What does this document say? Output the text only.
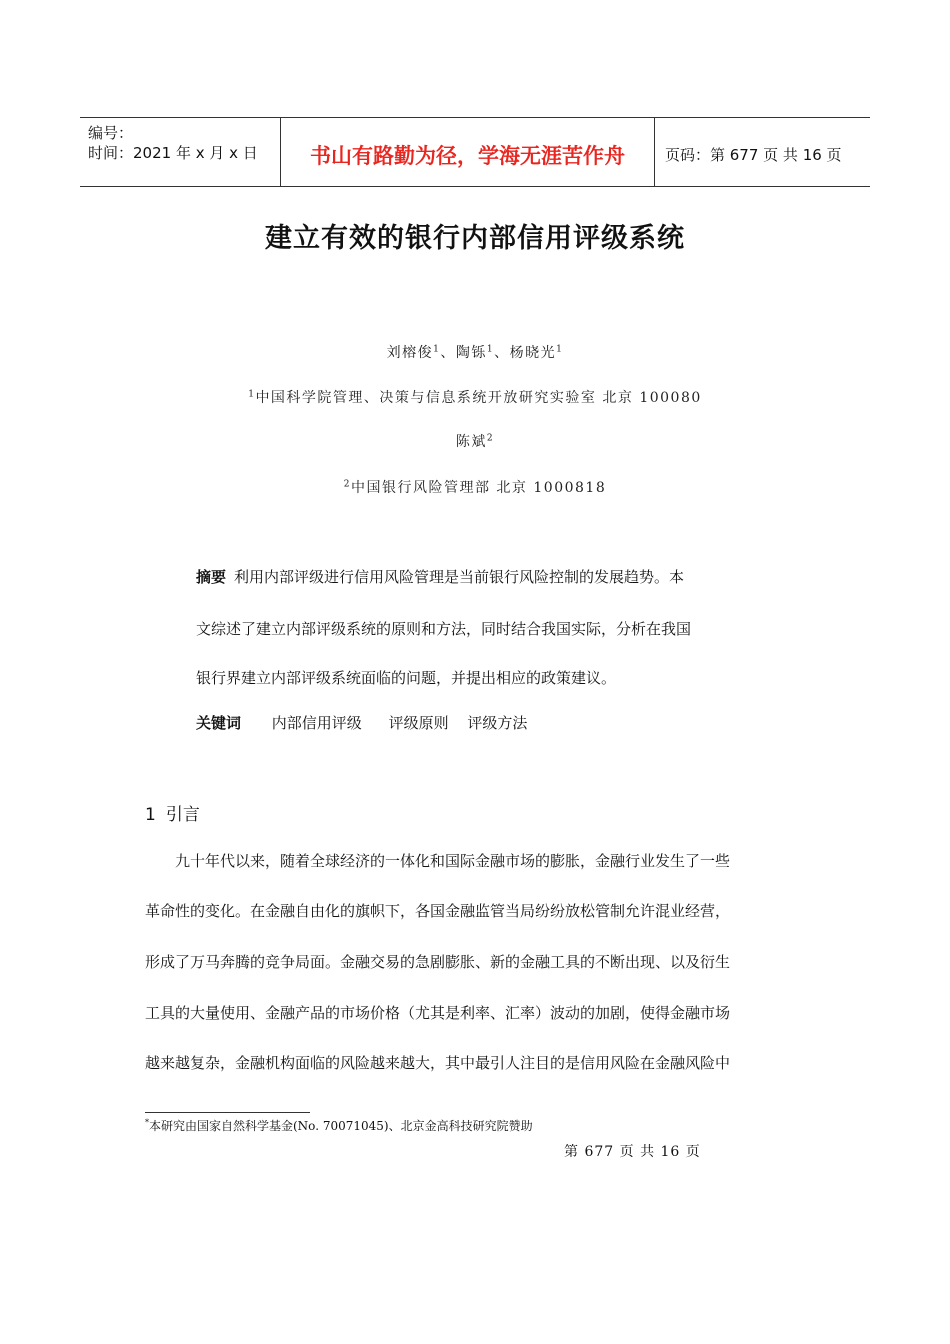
编号：
时间：2021 年 x 月 x 日	书山有路勤为径，学海无涯苦作舟	页码：第 677 页 共 16 页
建立有效的银行内部信用评级系统
刘榕俊$^1$、陶铄$^1$、杨晓光$^1$
$^1$中国科学院管理、决策与信息系统开放研究实验室 北京 100080
陈斌$^2$
$^2$中国银行风险管理部 北京 1000818
摘要 利用内部评级进行信用风险管理是当前银行风险控制的发展趋势。本
文综述了建立内部评级系统的原则和方法，同时结合我国实际，分析在我国
银行界建立内部评级系统面临的问题，并提出相应的政策建议。
关键词 内部信用评级 评级原则 评级方法
1 引言
　　九十年代以来，随着全球经济的一体化和国际金融市场的膨胀，金融行业发生了一些
革命性的变化。在金融自由化的旗帜下，各国金融监管当局纷纷放松管制允许混业经营，
形成了万马奔腾的竞争局面。金融交易的急剧膨胀、新的金融工具的不断出现、以及衍生
工具的大量使用、金融产品的市场价格（尤其是利率、汇率）波动的加剧，使得金融市场
越来越复杂，金融机构面临的风险越来越大，其中最引人注目的是信用风险在金融风险中
*本研究由国家自然科学基金(No. 70071045)、北京金高科技研究院赞助
第 677 页 共 16 页
